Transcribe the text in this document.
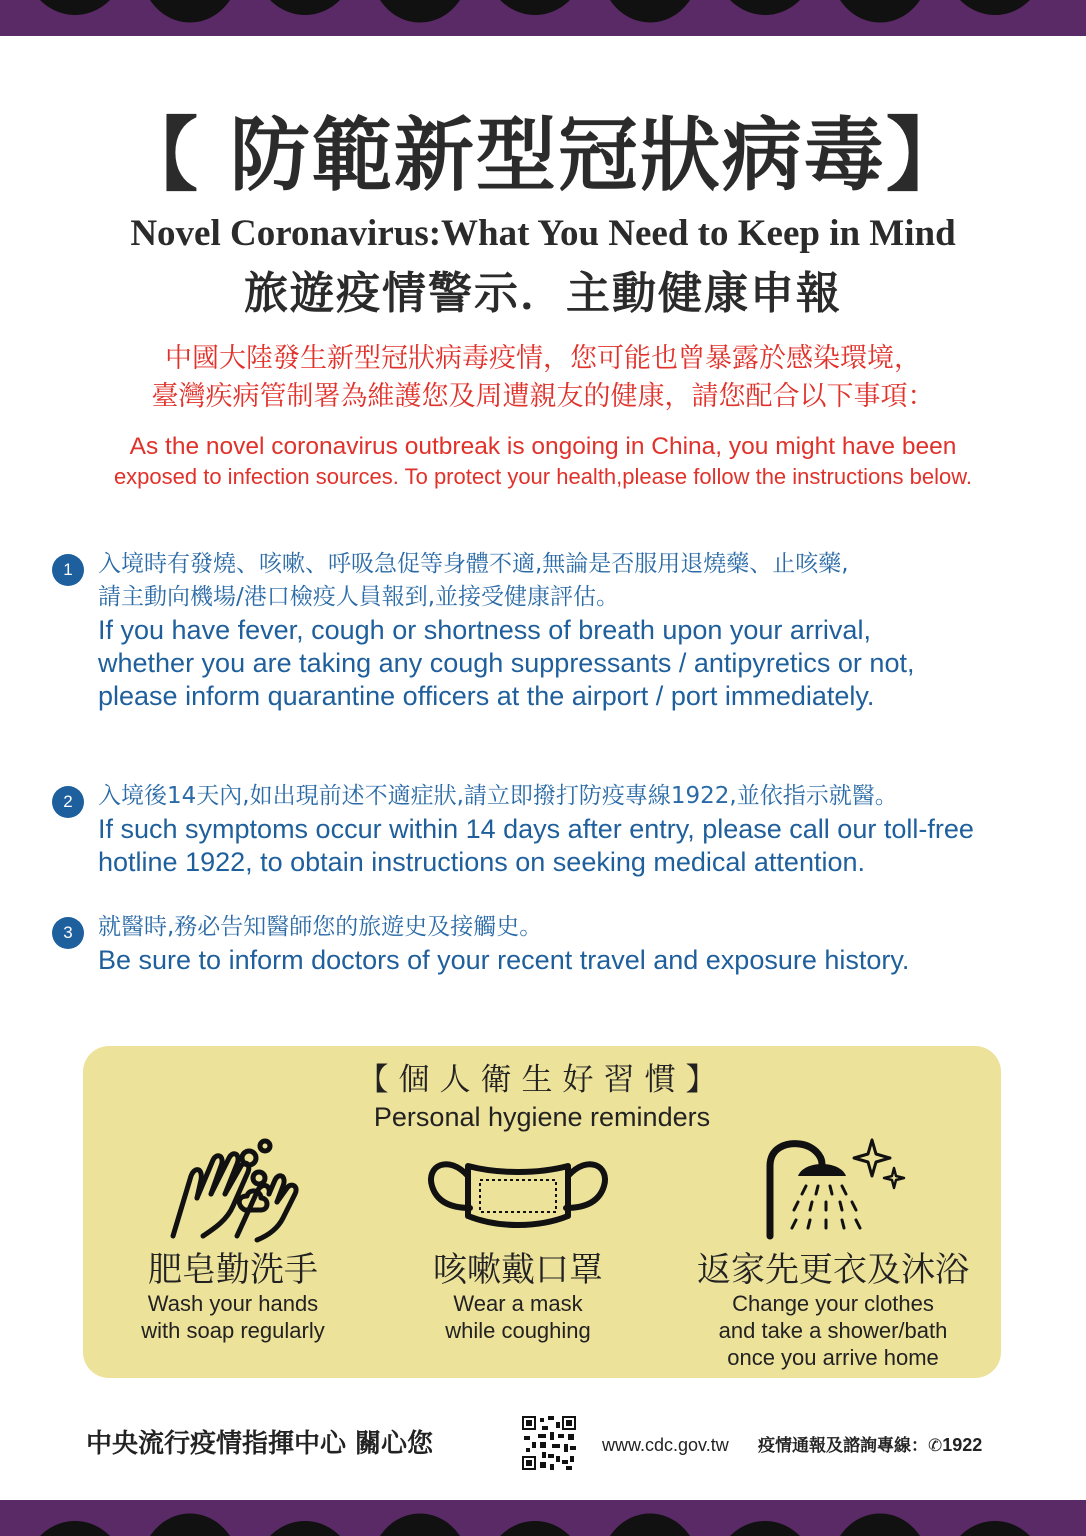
【 防範新型冠狀病毒】
Novel Coronavirus:What You Need to Keep in Mind
旅遊疫情警示．主動健康申報
中國大陸發生新型冠狀病毒疫情，您可能也曾暴露於感染環境，
臺灣疾病管制署為維護您及周遭親友的健康，請您配合以下事項：
As the novel coronavirus outbreak is ongoing in China, you might have been
exposed to infection sources. To protect your health,please follow the instructions below.
1	入境時有發燒、咳嗽、呼吸急促等身體不適,無論是否服用退燒藥、止咳藥,
請主動向機場/港口檢疫人員報到,並接受健康評估。
If you have fever, cough or shortness of breath upon your arrival,
whether you are taking any cough suppressants / antipyretics or not,
please inform quarantine officers at the airport / port immediately.
2	入境後14天內,如出現前述不適症狀,請立即撥打防疫專線1922,並依指示就醫。
If such symptoms occur within 14 days after entry, please call our toll-free
hotline 1922, to obtain instructions on seeking medical attention.
3	就醫時,務必告知醫師您的旅遊史及接觸史。
Be sure to inform doctors of your recent travel and exposure history.
【個人衛生好習慣】
Personal hygiene reminders
肥皂勤洗手
Wash your hands
with soap regularly
咳嗽戴口罩
Wear a mask
while coughing
返家先更衣及沐浴
Change your clothes
and take a shower/bath
once you arrive home
中央流行疫情指揮中心 關心您	www.cdc.gov.tw 疫情通報及諮詢專線：✆1922
